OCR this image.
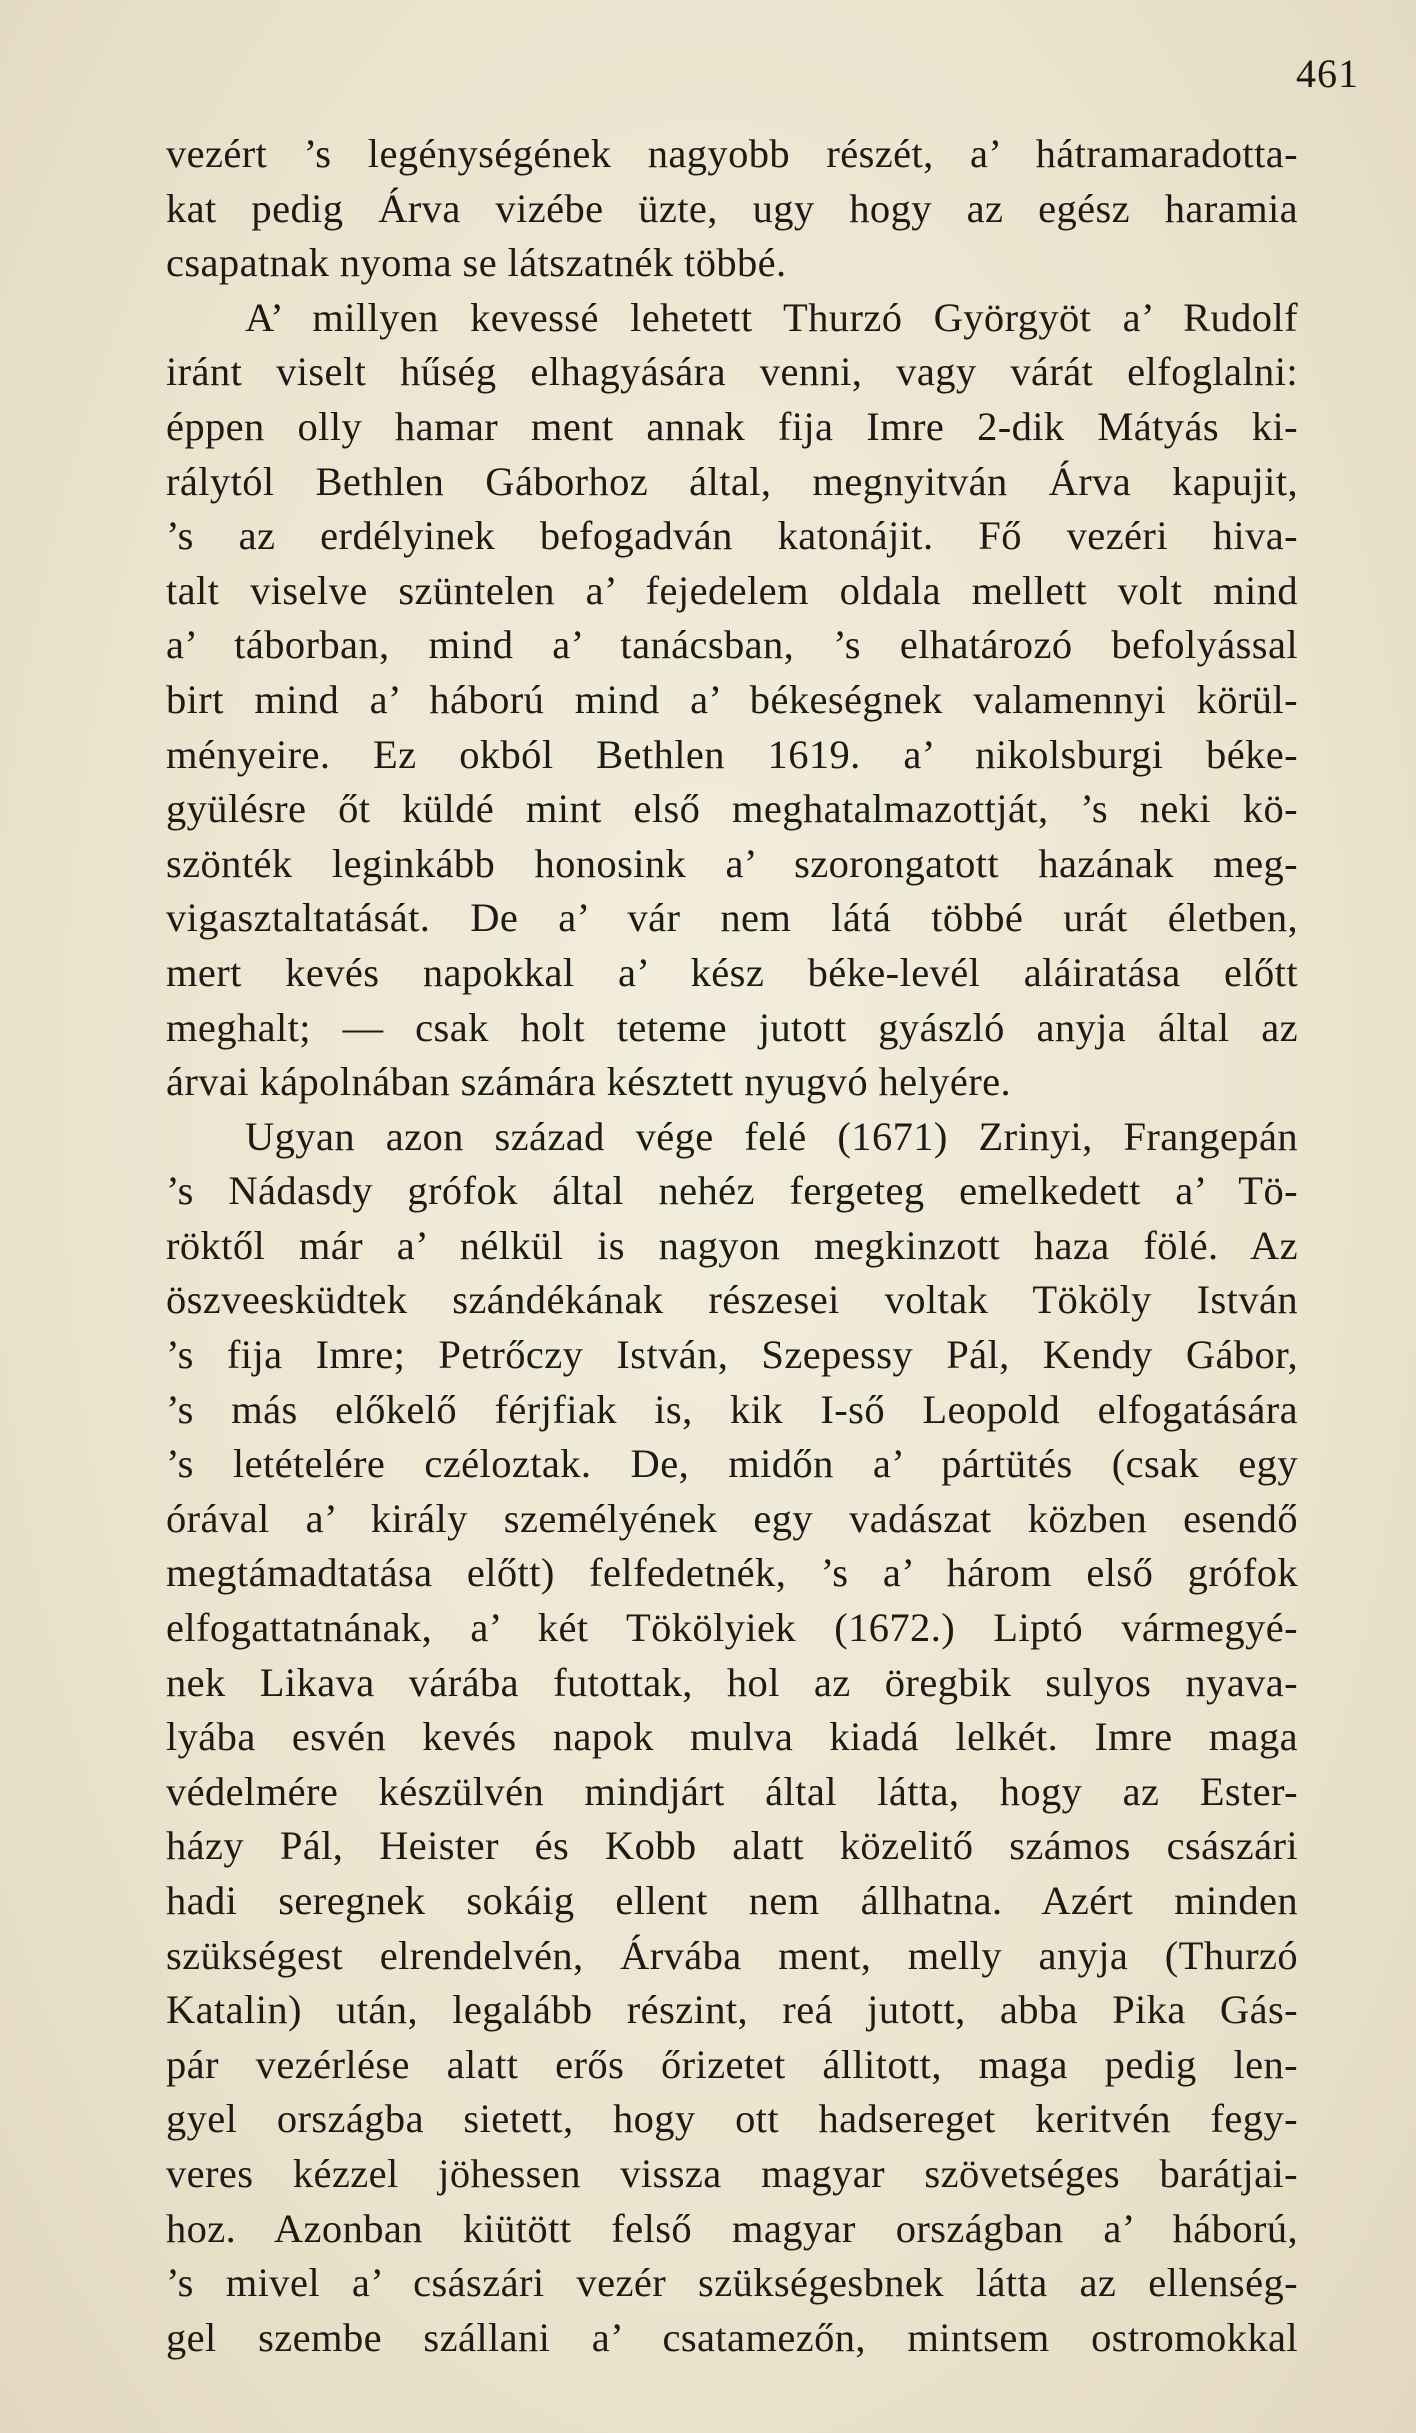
461
vezért ’s legénységének nagyobb részét, a’ hátramaradotta-
kat pedig Árva vizébe üzte, ugy hogy az egész haramia
csapatnak nyoma se látszatnék többé.
A’ millyen kevessé lehetett Thurzó Györgyöt a’ Rudolf
iránt viselt hűség elhagyására venni, vagy várát elfoglalni:
éppen olly hamar ment annak fija Imre 2-dik Mátyás ki-
rálytól Bethlen Gáborhoz által, megnyitván Árva kapujit,
’s az erdélyinek befogadván katonájit. Fő vezéri hiva-
talt viselve szüntelen a’ fejedelem oldala mellett volt mind
a’ táborban, mind a’ tanácsban, ’s elhatározó befolyással
birt mind a’ háború mind a’ békeségnek valamennyi körül-
ményeire. Ez okból Bethlen 1619. a’ nikolsburgi béke-
gyülésre őt küldé mint első meghatalmazottját, ’s neki kö-
szönték leginkább honosink a’ szorongatott hazának meg-
vigasztaltatását. De a’ vár nem látá többé urát életben,
mert kevés napokkal a’ kész béke-levél aláiratása előtt
meghalt; — csak holt teteme jutott gyászló anyja által az
árvai kápolnában számára késztett nyugvó helyére.
Ugyan azon század vége felé (1671) Zrinyi, Frangepán
’s Nádasdy grófok által nehéz fergeteg emelkedett a’ Tö-
röktől már a’ nélkül is nagyon megkinzott haza fölé. Az
öszveesküdtek szándékának részesei voltak Tököly István
’s fija Imre; Petrőczy István, Szepessy Pál, Kendy Gábor,
’s más előkelő férjfiak is, kik I-ső Leopold elfogatására
’s letételére czéloztak. De, midőn a’ pártütés (csak egy
órával a’ király személyének egy vadászat közben esendő
megtámadtatása előtt) felfedetnék, ’s a’ három első grófok
elfogattatnának, a’ két Tökölyiek (1672.) Liptó vármegyé-
nek Likava várába futottak, hol az öregbik sulyos nyava-
lyába esvén kevés napok mulva kiadá lelkét. Imre maga
védelmére készülvén mindjárt által látta, hogy az Ester-
házy Pál, Heister és Kobb alatt közelitő számos császári
hadi seregnek sokáig ellent nem állhatna. Azért minden
szükségest elrendelvén, Árvába ment, melly anyja (Thurzó
Katalin) után, legalább részint, reá jutott, abba Pika Gás-
pár vezérlése alatt erős őrizetet állitott, maga pedig len-
gyel országba sietett, hogy ott hadsereget keritvén fegy-
veres kézzel jöhessen vissza magyar szövetséges barátjai-
hoz. Azonban kiütött felső magyar országban a’ háború,
’s mivel a’ császári vezér szükségesbnek látta az ellenség-
gel szembe szállani a’ csatamezőn, mintsem ostromokkal
